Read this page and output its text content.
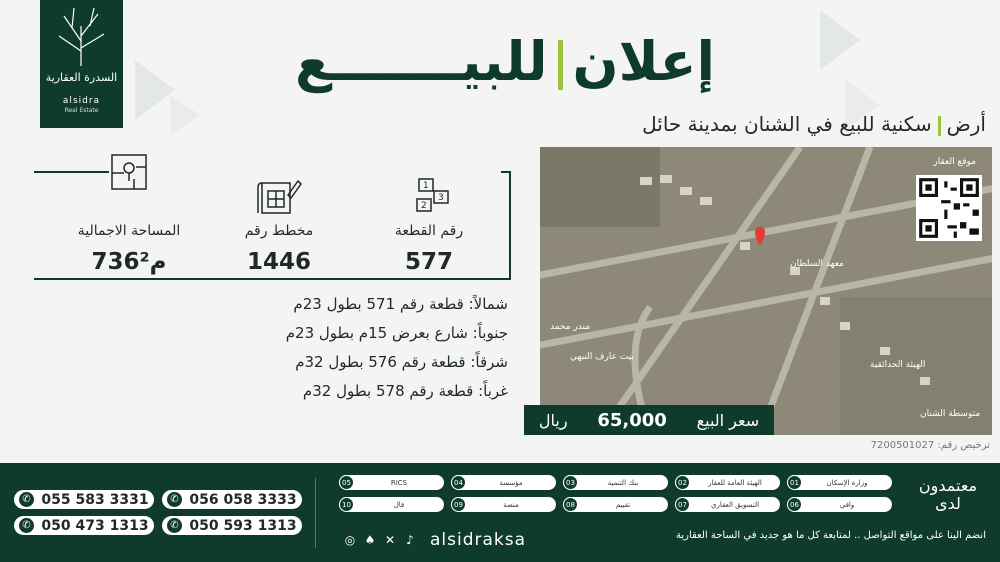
السدرة العقارية
alsidra
Real Estate
إعلانللبيـــــــع
أرضسكنية للبيع في الشنان بمدينة حائل
1
2
3
رقم القطعة
577
مخطط رقم
1446
المساحة الاجمالية
736م²
شمالاً: قطعة رقم 571 بطول 23م
جنوباً: شارع بعرض 15م بطول 23م
شرقاً: قطعة رقم 576 بطول 32م
غرباً: قطعة رقم 578 بطول 32م
موقع العقار
معهد السلطان
مندر محمد
بيت عارف النبهي
الهيئة الحدائقية
متوسطة الشنان
سعر البيع
65,000
ريال
ترخيص رقم: 7200501027
✆ 055 583 3331	✆ 056 058 3333
✆ 050 473 1313	✆ 050 593 1313
معتمدون لدى
وزارة الإسكان
01
الهيئة العامة للعقار
02
بنك التنمية
03
مؤسسة
04
RICS
05
وافي
06
التسويق العقاري
07
تقييم
08
منصة
09
فال
10
◎ ♠ ✕ ♪ alsidraksa	انضم الينا على مواقع التواصل .. لمتابعة كل ما هو جديد في الساحة العقارية
